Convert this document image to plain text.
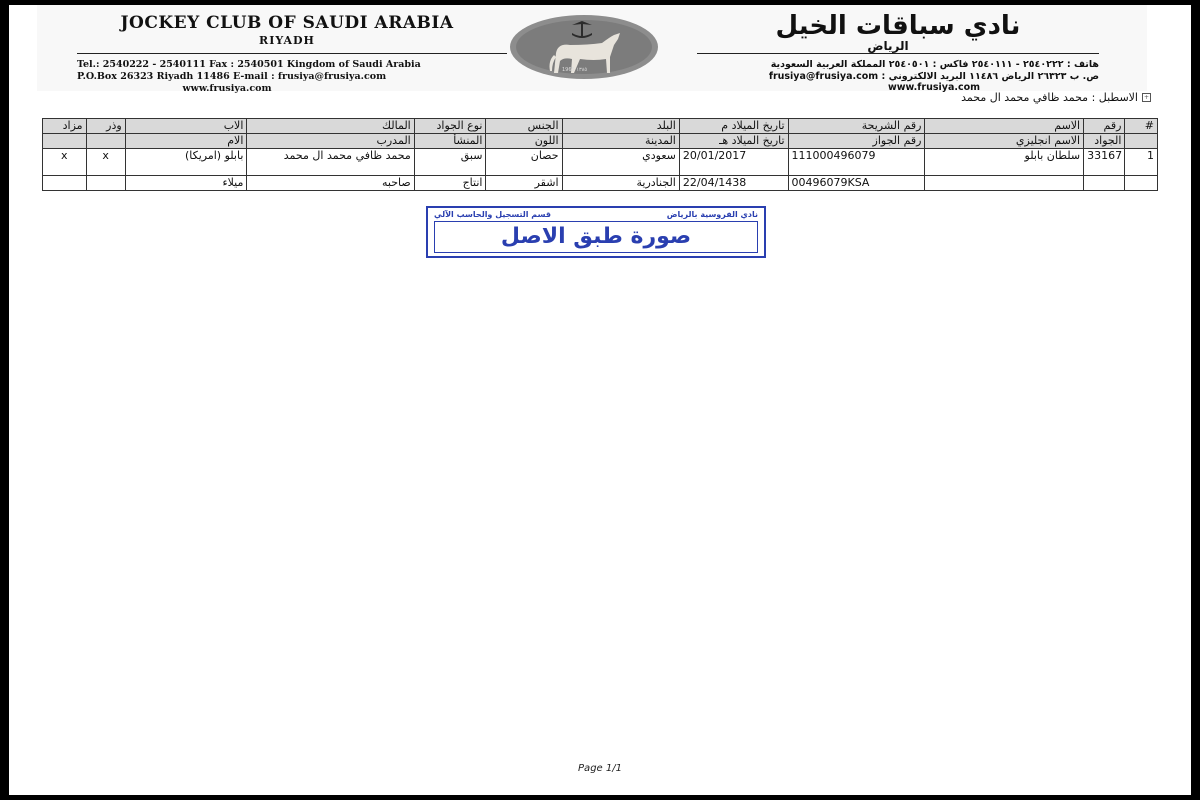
JOCKEY CLUB OF SAUDI ARABIA
RIYADH
Tel.: 2540222 - 2540111 Fax : 2540501 Kingdom of Saudi Arabia
P.O.Box 26323 Riyadh 11486 E-mail : frusiya@frusiya.com
www.frusiya.com
1965 ١٣٨٥
نادي سباقات الخيل
الرياض
هاتف : ٢٥٤٠٢٢٢ - ٢٥٤٠١١١ فاكس : ٢٥٤٠٥٠١ المملكة العربية السعودية
ص. ب ٢٦٣٢٣ الرياض ١١٤٨٦ البريد الالكتروني : frusiya@frusiya.com
www.frusiya.com
+
الاسطبل : محمد ظافي محمد ال محمد
#	رقم	الاسم	رقم الشريحة	تاريخ الميلاد م	البلد	الجنس	نوع الجواد	المالك	الاب	وذر	مزاد
	الجواد	الاسم انجليزي	رقم الجواز	تاريخ الميلاد هـ	المدينة	اللون	المنشأ	المدرب	الام		
1	33167	سلطان بابلو	111000496079	20/01/2017	سعودي	حصان	سبق	محمد ظافي محمد ال محمد	بابلو (امريكا)	x	x
			00496079KSA	22/04/1438	الجنادرية	اشقر	انتاج	صاحبه	ميلاء		
نادي الفروسية بالرياض
قسم التسجيل والحاسب الآلي
صورة طبق الاصل
Page 1/1
